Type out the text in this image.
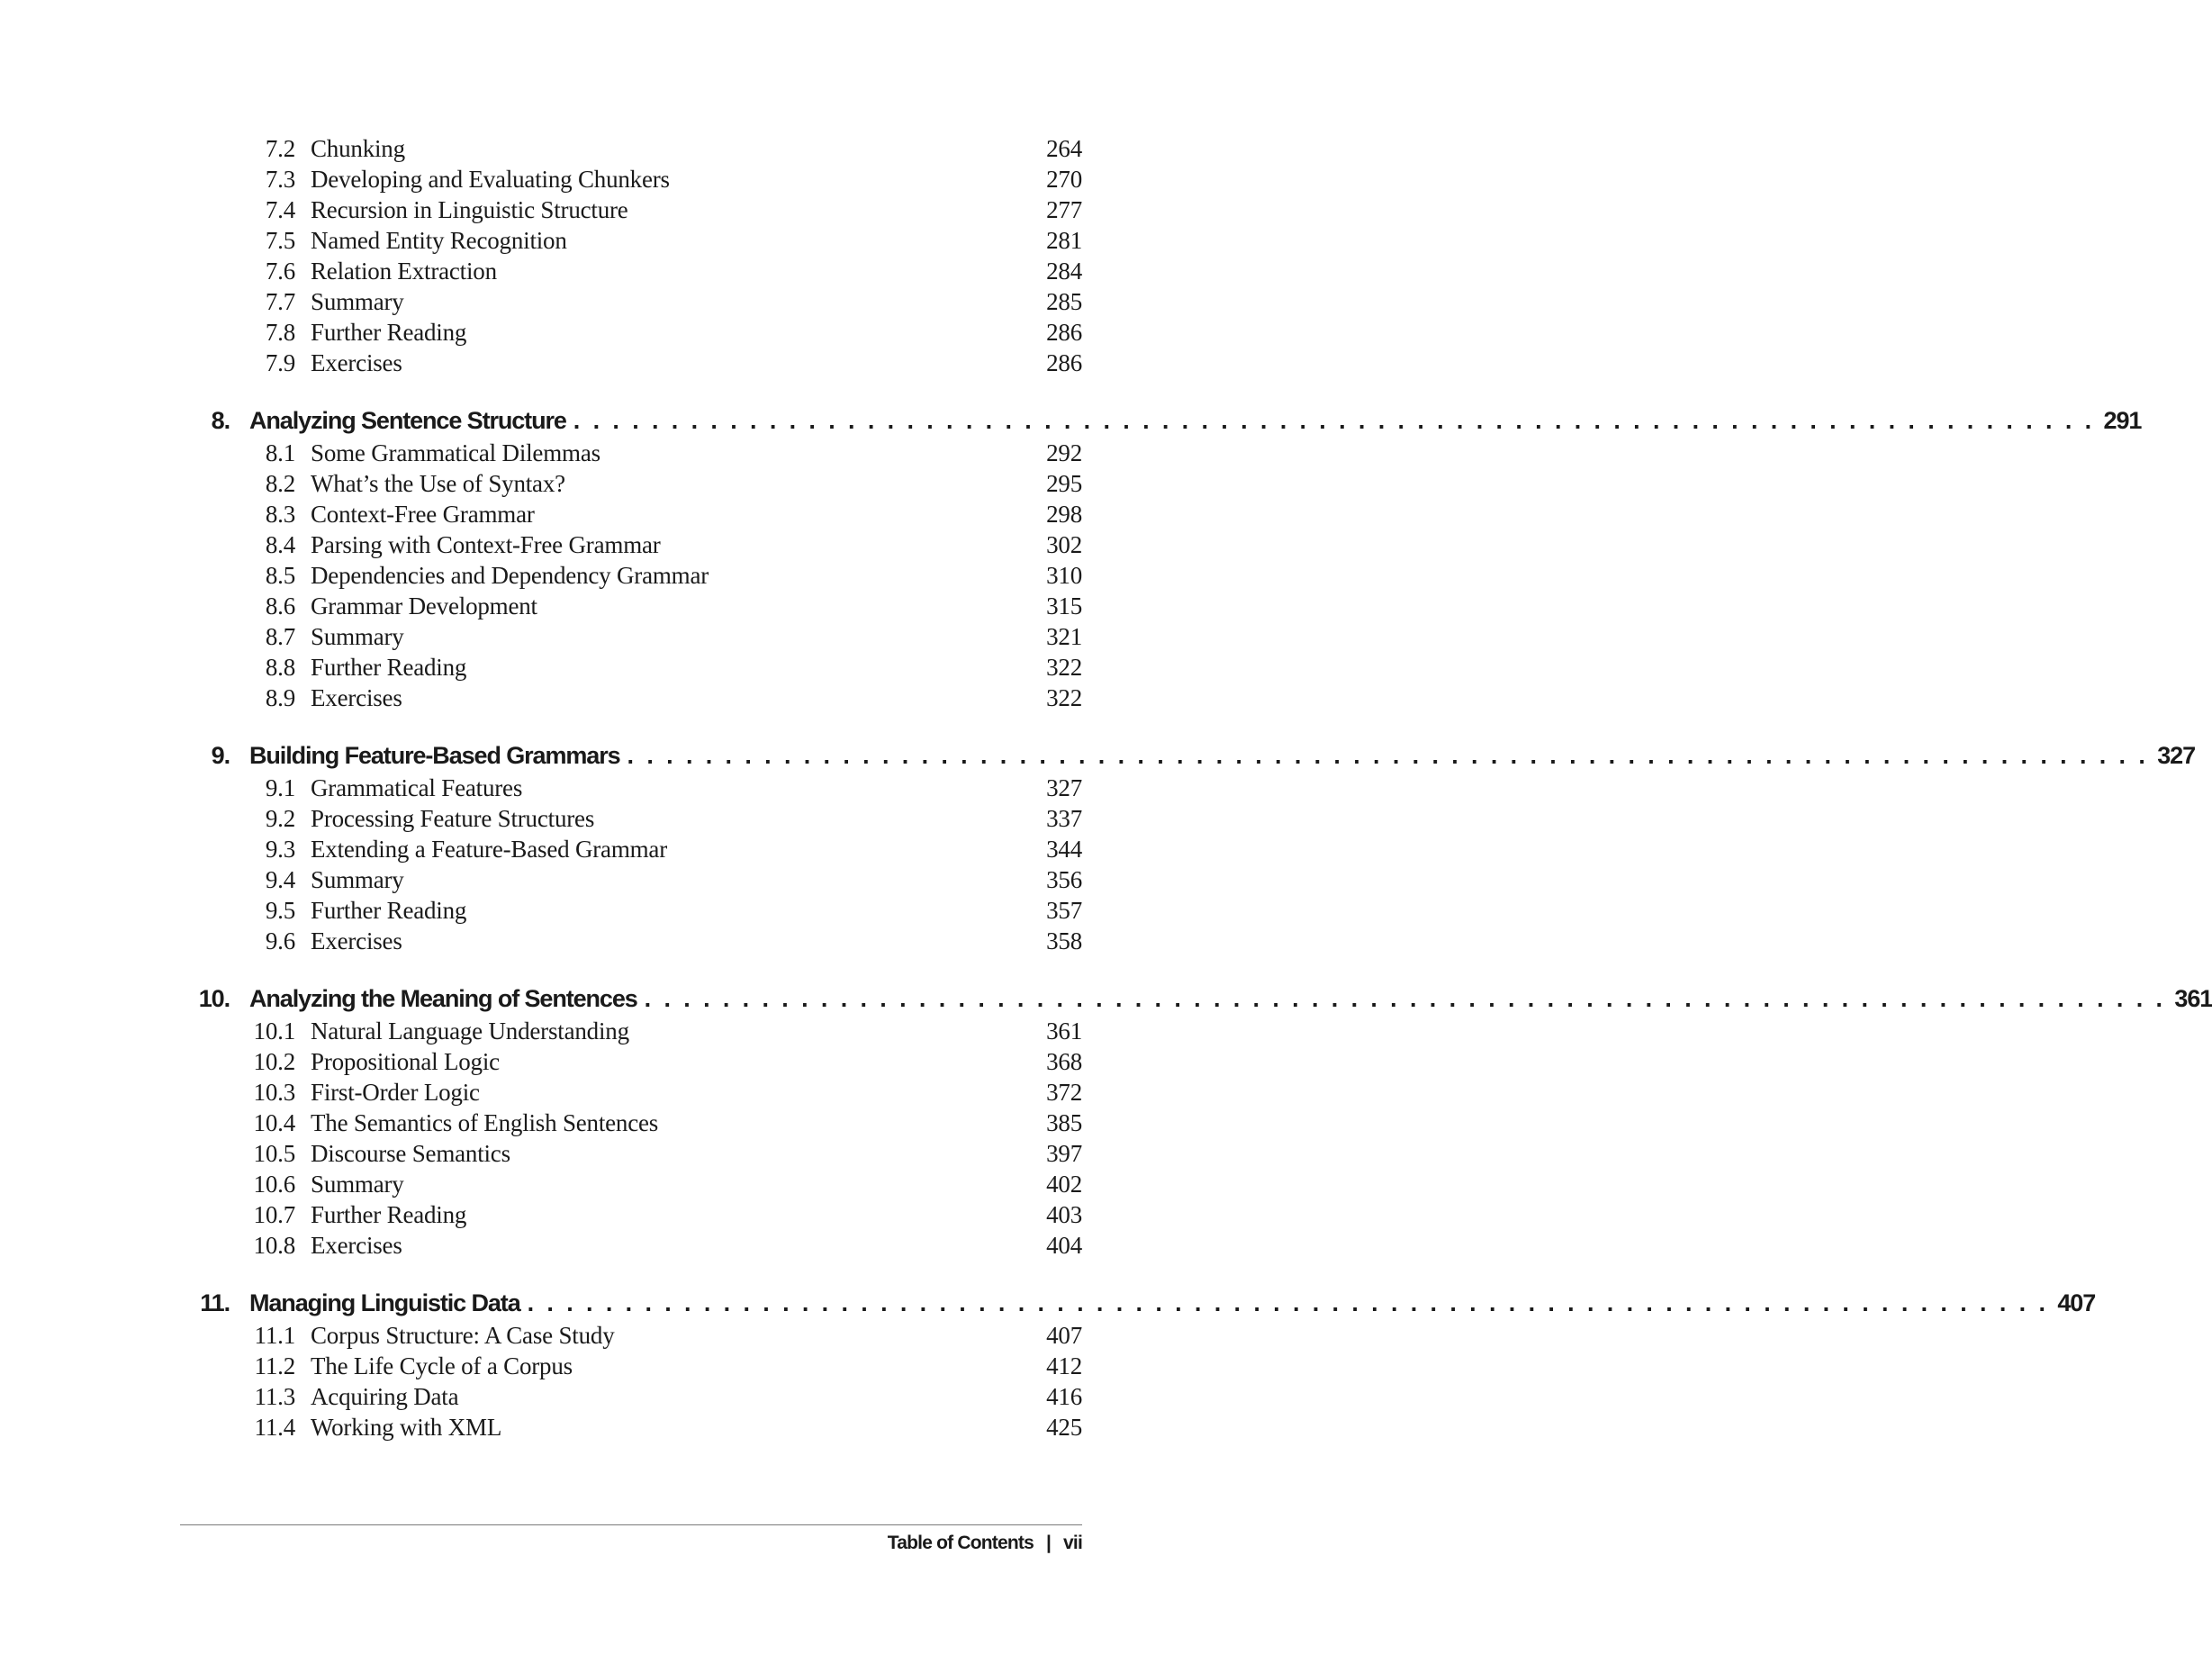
7.2 Chunking	264
7.3 Developing and Evaluating Chunkers	270
7.4 Recursion in Linguistic Structure	277
7.5 Named Entity Recognition	281
7.6 Relation Extraction	284
7.7 Summary	285
7.8 Further Reading	286
7.9 Exercises	286
8. Analyzing Sentence Structure . . . . . . . . . . . . . . . . . . . . . . . . . . . . . . . . . . . . . . . . . . . . . . . . . . . . . . . . . . . . . . . . . . . . . . . . . . . . . . 291
8.1 Some Grammatical Dilemmas	292
8.2 What’s the Use of Syntax?	295
8.3 Context-Free Grammar	298
8.4 Parsing with Context-Free Grammar	302
8.5 Dependencies and Dependency Grammar	310
8.6 Grammar Development	315
8.7 Summary	321
8.8 Further Reading	322
8.9 Exercises	322
9. Building Feature-Based Grammars . . . . . . . . . . . . . . . . . . . . . . . . . . . . . . . . . . . . . . . . . . . . . . . . . . . . . . . . . . . . . . . . . . . . . . . . . . . . . . 327
9.1 Grammatical Features	327
9.2 Processing Feature Structures	337
9.3 Extending a Feature-Based Grammar	344
9.4 Summary	356
9.5 Further Reading	357
9.6 Exercises	358
10. Analyzing the Meaning of Sentences . . . . . . . . . . . . . . . . . . . . . . . . . . . . . . . . . . . . . . . . . . . . . . . . . . . . . . . . . . . . . . . . . . . . . . . . . . . . . . 361
10.1 Natural Language Understanding	361
10.2 Propositional Logic	368
10.3 First-Order Logic	372
10.4 The Semantics of English Sentences	385
10.5 Discourse Semantics	397
10.6 Summary	402
10.7 Further Reading	403
10.8 Exercises	404
11. Managing Linguistic Data . . . . . . . . . . . . . . . . . . . . . . . . . . . . . . . . . . . . . . . . . . . . . . . . . . . . . . . . . . . . . . . . . . . . . . . . . . . . . . 407
11.1 Corpus Structure: A Case Study	407
11.2 The Life Cycle of a Corpus	412
11.3 Acquiring Data	416
11.4 Working with XML	425
Table of Contents | vii
